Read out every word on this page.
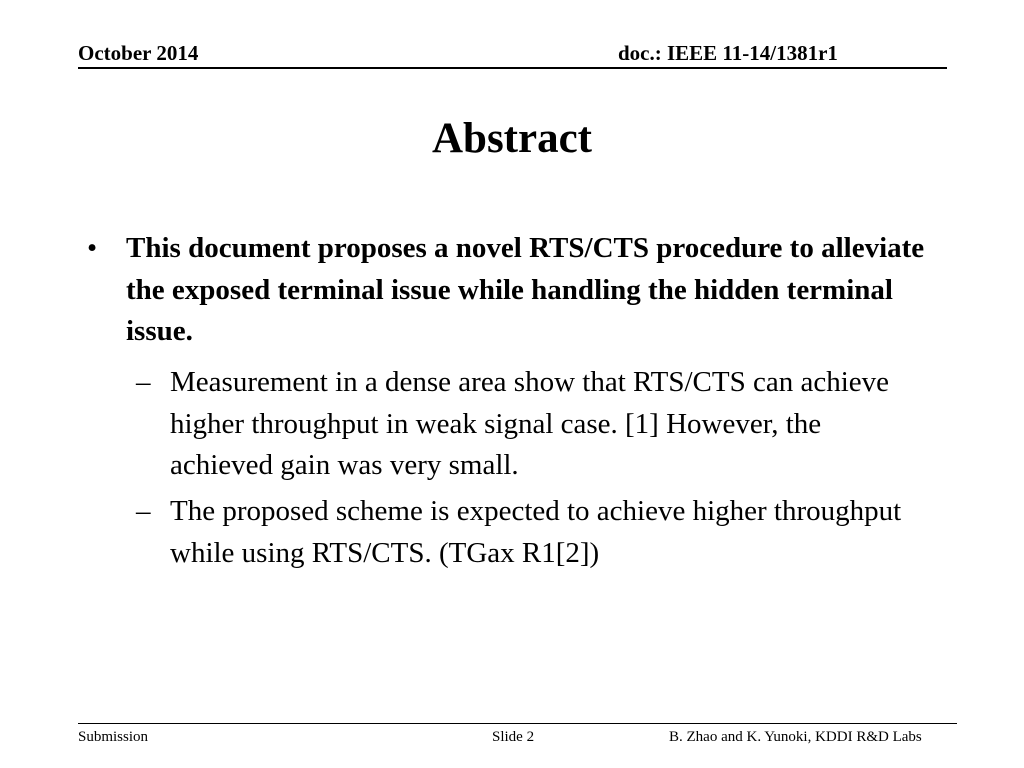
October 2014	doc.: IEEE 11-14/1381r1
Abstract
• This document proposes a novel RTS/CTS procedure to alleviate the exposed terminal issue while handling the hidden terminal issue.
– Measurement in a dense area show that RTS/CTS can achieve higher throughput in weak signal case. [1] However, the achieved gain was very small.
– The proposed scheme is expected to achieve higher throughput while using RTS/CTS. (TGax R1[2])
Submission	Slide 2	B. Zhao and K. Yunoki, KDDI R&D Labs
